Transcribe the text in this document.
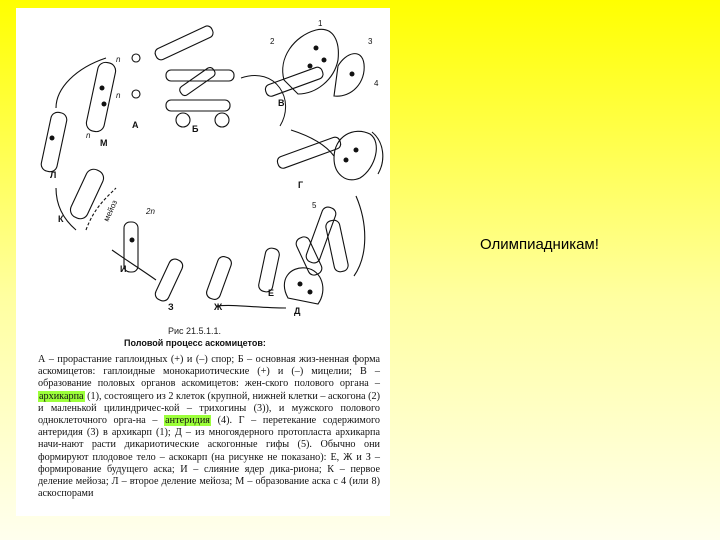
А	Б
В
Г
Д
Е
Ж
З
И
К
Л
М
1
2	3
4
5
n
n
n
2n
мейоз
Рис 21.5.1.1.
Половой процесс аскомицетов:
А – прорастание гаплоидных (+) и (–) спор; Б – основная жиз-ненная форма аскомицетов: гаплоидные монокариотические (+) и (–) мицелии; В – образование половых органов аскомицетов: жен-ского полового органа – архикарпа (1), состоящего из 2 клеток (крупной, нижней клетки – аскогона (2) и маленькой цилиндричес-кой – трихогины (3)), и мужского полового одноклеточного орга-на – антеридия (4). Г – перетекание содержимого антеридия (3) в архикарп (1); Д – из многоядерного протопласта архикарпа начи-нают расти дикариотические аскогонные гифы (5). Обычно они формируют плодовое тело – аскокарп (на рисунке не показано): Е, Ж и З – формирование будущего аска; И – слияние ядер дика-риона; К – первое деление мейоза; Л – второе деление мейоза; М – образование аска с 4 (или 8) аскоспорами
Олимпиадникам!
